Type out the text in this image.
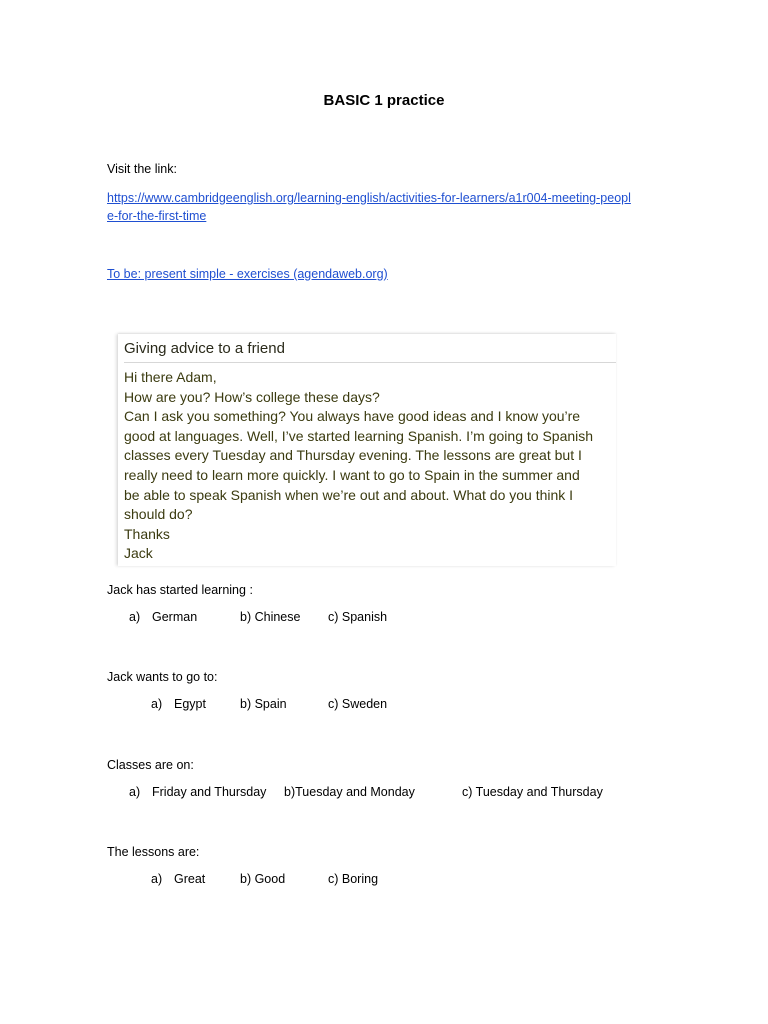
BASIC 1 practice
Visit the link:
https://www.cambridgeenglish.org/learning-english/activities-for-learners/a1r004-meeting-people-for-the-first-time
To be: present simple - exercises (agendaweb.org)
Giving advice to a friend
Hi there Adam,
How are you? How’s college these days?
Can I ask you something? You always have good ideas and I know you’re
good at languages. Well, I’ve started learning Spanish. I’m going to Spanish
classes every Tuesday and Thursday evening. The lessons are great but I
really need to learn more quickly. I want to go to Spain in the summer and
be able to speak Spanish when we’re out and about. What do you think I
should do?
Thanks
Jack
Jack has started learning :
a) German	b) Chinese c) Spanish
Jack wants to go to:
a) Egypt	b) Spain	c) Sweden
Classes are on:
a) Friday and Thursday b)Tuesday and Monday	c) Tuesday and Thursday
The lessons are:
a) Great	b) Good	c) Boring
